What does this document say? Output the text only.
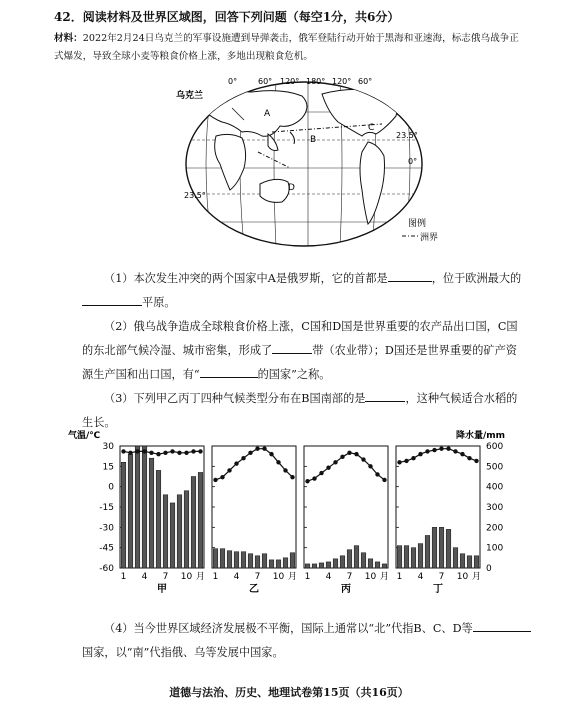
42．阅读材料及世界区域图，回答下列问题（每空1分，共6分）
材料：2022年2月24日乌克兰的军事设施遭到导弹袭击，俄军登陆行动开始于黑海和亚速海，标志俄乌战争正式爆发，导致全球小麦等粮食价格上涨，多地出现粮食危机。
0°	60° 120° 180° 120° 60°
乌克兰
A
B
C
D
23.5°
0°
23.5°
图例
洲界
（1）本次发生冲突的两个国家中A是俄罗斯，它的首都是	，位于欧洲最大的
平原。
（2）俄乌战争造成全球粮食价格上涨，C国和D国是世界重要的农产品出口国，C国
的东北部气候冷湿、城市密集，形成了	带（农业带）；D国还是世界重要的矿产资
源生产国和出口国，有“	的国家”之称。
（3）下列甲乙丙丁四种气候类型分布在B国南部的是	，这种气候适合水稻的
生长。
气温/℃	降水量/mm
30
15
0
-15
-30
-45
-60
600
500
400
300
200
100
0
1 4 7 10 月
甲
1 4 7 10 月
乙
1 4 7 10 月
丙
1 4 7 10 月
丁
（4）当今世界区域经济发展极不平衡，国际上通常以“北”代指B、C、D等
国家，以“南”代指俄、乌等发展中国家。
道德与法治、历史、地理试卷第15页（共16页）
